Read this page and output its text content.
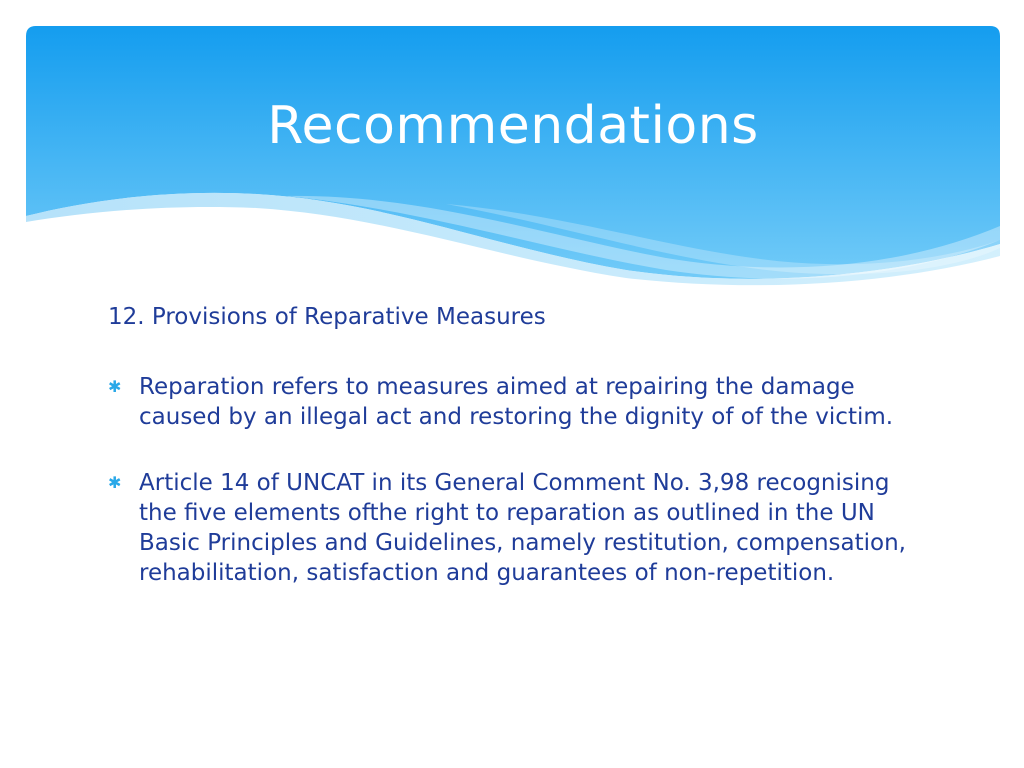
Recommendations

12. Provisions of Reparative Measures

✱ Reparation refers to measures aimed at repairing the damage caused by an illegal act and restoring the dignity of of the victim.
✱ Article 14 of UNCAT in its General Comment No. 3,98 recognising the five elements ofthe right to reparation as outlined in the UN Basic Principles and Guidelines, namely restitution, compensation, rehabilitation, satisfaction and guarantees of non-repetition.
